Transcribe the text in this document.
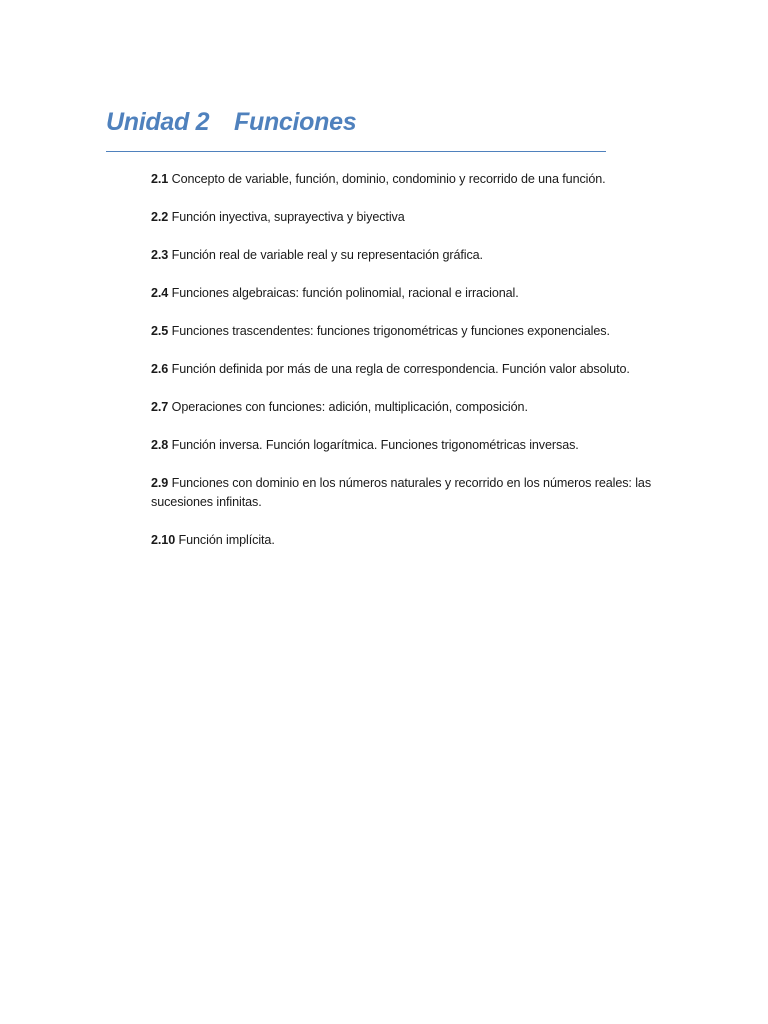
Unidad 2 Funciones
2.1 Concepto de variable, función, dominio, condominio y recorrido de una función.
2.2 Función inyectiva, suprayectiva y biyectiva
2.3 Función real de variable real y su representación gráfica.
2.4 Funciones algebraicas: función polinomial, racional e irracional.
2.5 Funciones trascendentes: funciones trigonométricas y funciones exponenciales.
2.6 Función definida por más de una regla de correspondencia. Función valor absoluto.
2.7 Operaciones con funciones: adición, multiplicación, composición.
2.8 Función inversa. Función logarítmica. Funciones trigonométricas inversas.
2.9 Funciones con dominio en los números naturales y recorrido en los números reales: las sucesiones infinitas.
2.10 Función implícita.
